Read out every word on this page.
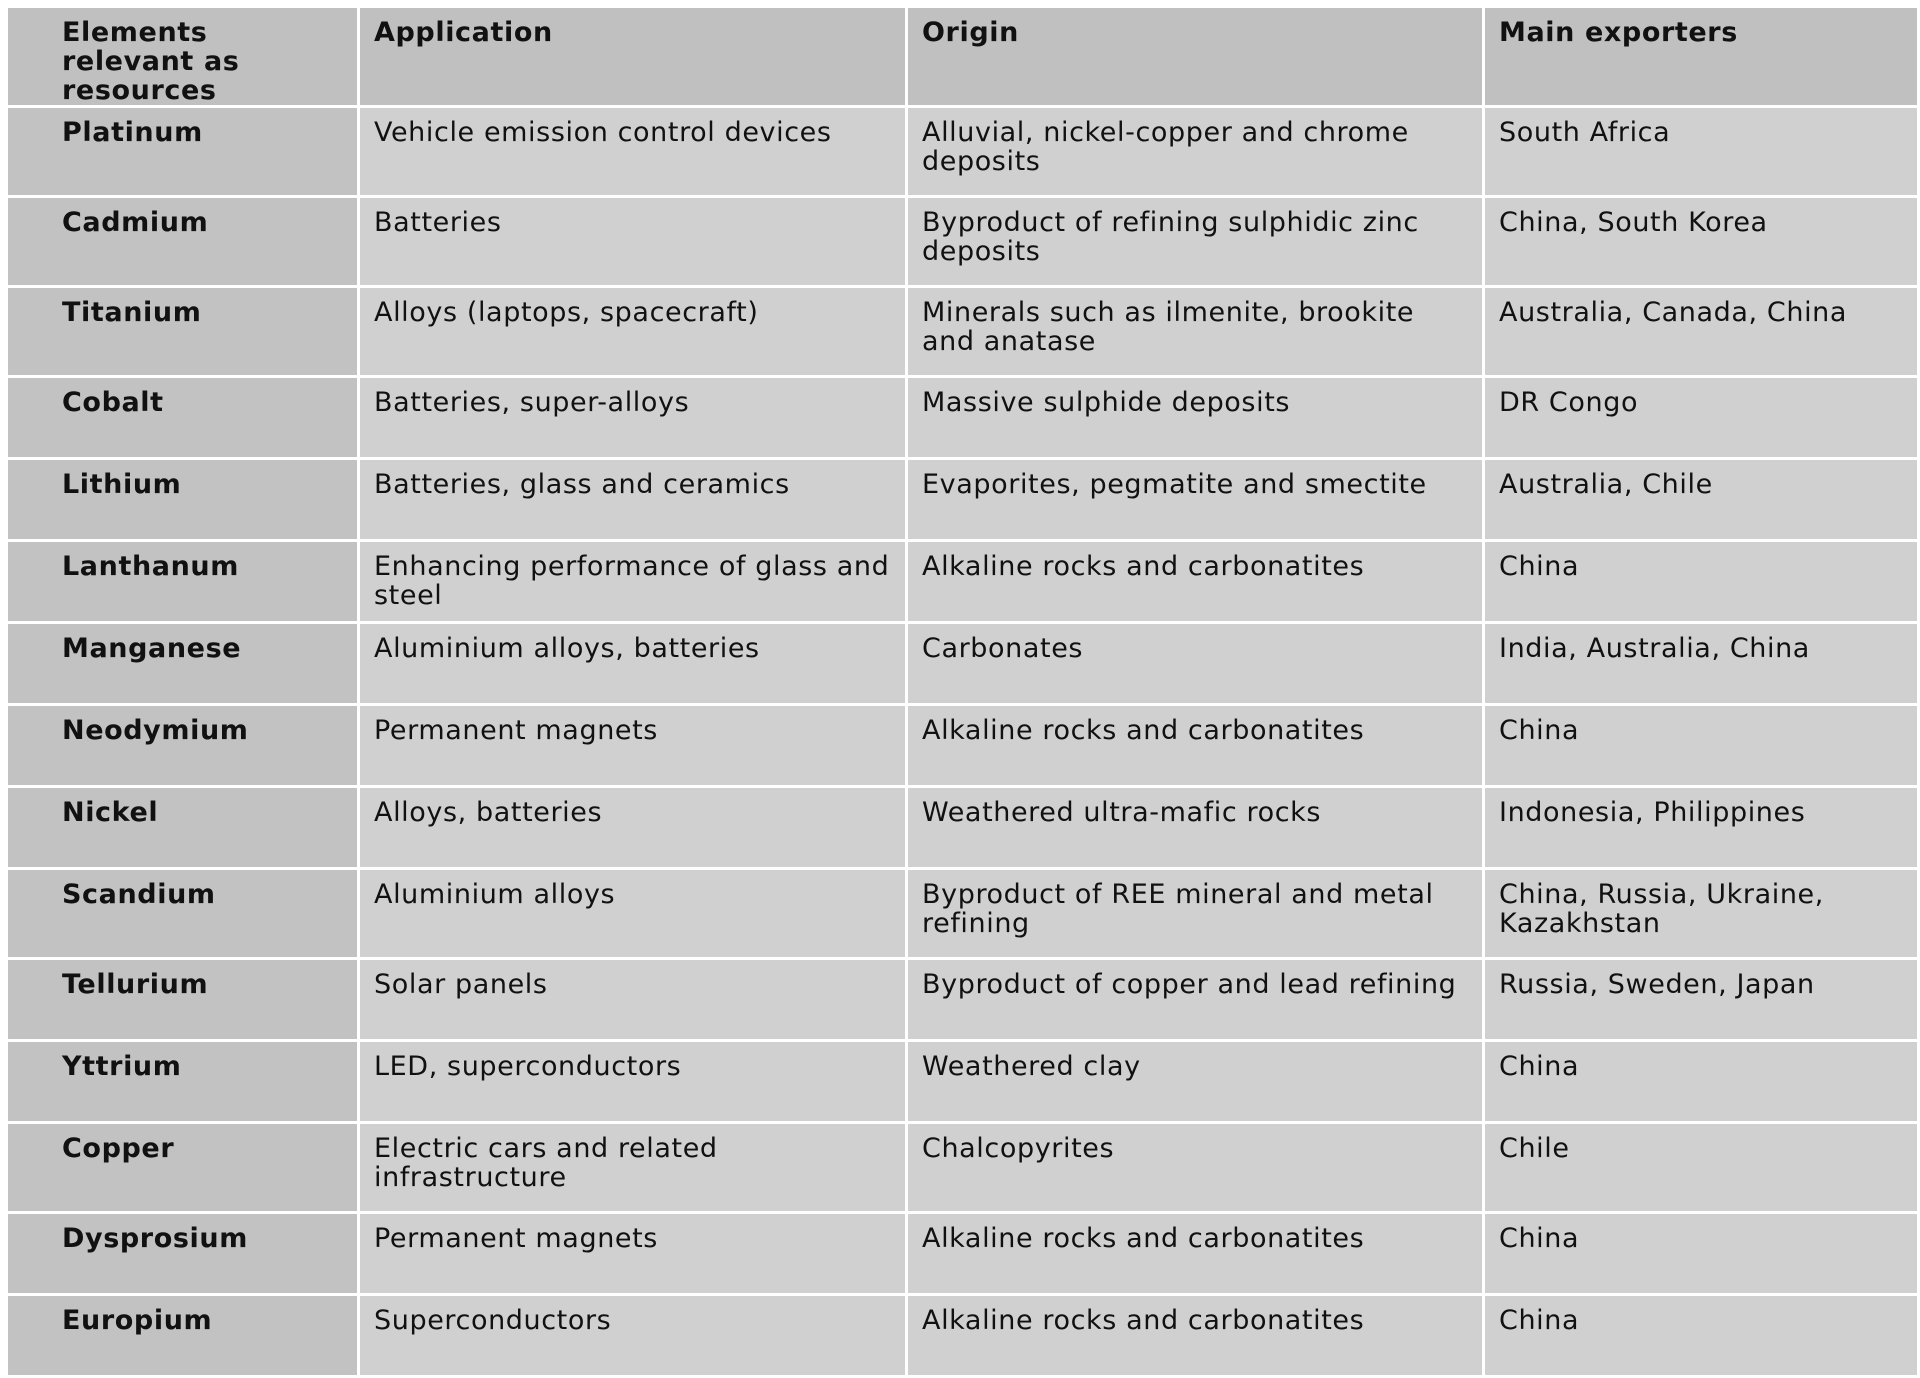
Elements relevant as resources	Application	Origin	Main exporters
Platinum	Vehicle emission control devices	Alluvial, nickel-copper and chrome deposits	South Africa
Cadmium	Batteries	Byproduct of refining sulphidic zinc deposits	China, South Korea
Titanium	Alloys (laptops, spacecraft)	Minerals such as ilmenite, brookite and anatase	Australia, Canada, China
Cobalt	Batteries, super-alloys	Massive sulphide deposits	DR Congo
Lithium	Batteries, glass and ceramics	Evaporites, pegmatite and smectite	Australia, Chile
Lanthanum	Enhancing performance of glass and steel	Alkaline rocks and carbonatites	China
Manganese	Aluminium alloys, batteries	Carbonates	India, Australia, China
Neodymium	Permanent magnets	Alkaline rocks and carbonatites	China
Nickel	Alloys, batteries	Weathered ultra-mafic rocks	Indonesia, Philippines
Scandium	Aluminium alloys	Byproduct of REE mineral and metal refining	China, Russia, Ukraine, Kazakhstan
Tellurium	Solar panels	Byproduct of copper and lead refining	Russia, Sweden, Japan
Yttrium	LED, superconductors	Weathered clay	China
Copper	Electric cars and related infrastructure	Chalcopyrites	Chile
Dysprosium	Permanent magnets	Alkaline rocks and carbonatites	China
Europium	Superconductors	Alkaline rocks and carbonatites	China
